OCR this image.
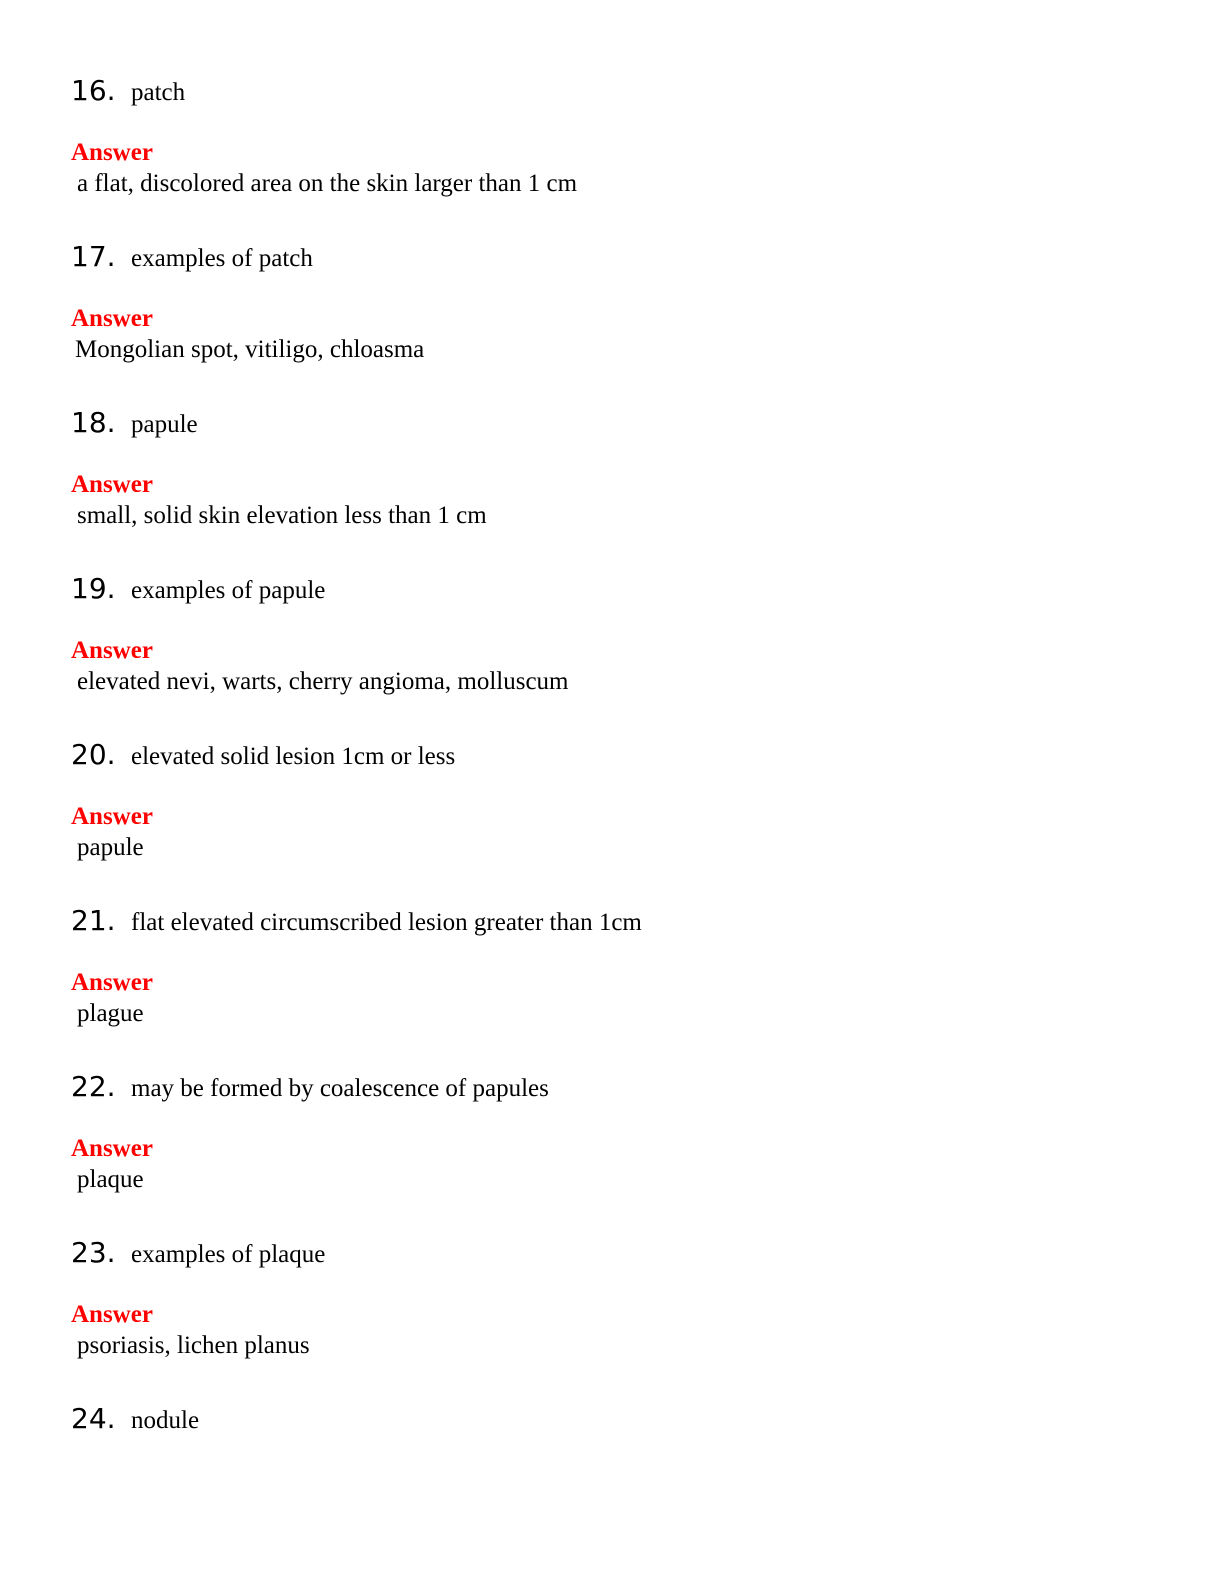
16. patch
Answer
a flat, discolored area on the skin larger than 1 cm
17. examples of patch
Answer
Mongolian spot, vitiligo, chloasma
18. papule
Answer
small, solid skin elevation less than 1 cm
19. examples of papule
Answer
elevated nevi, warts, cherry angioma, molluscum
20. elevated solid lesion 1cm or less
Answer
papule
21. flat elevated circumscribed lesion greater than 1cm
Answer
plague
22. may be formed by coalescence of papules
Answer
plaque
23. examples of plaque
Answer
psoriasis, lichen planus
24. nodule
